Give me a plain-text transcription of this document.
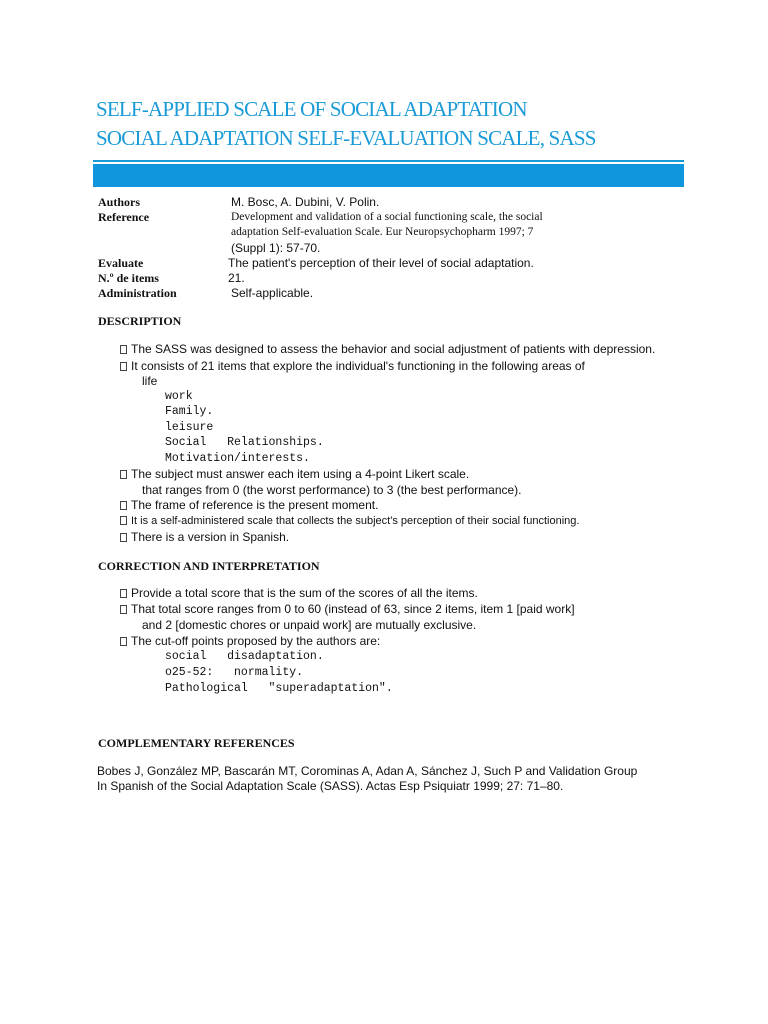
SELF-APPLIED SCALE OF SOCIAL ADAPTATION
SOCIAL ADAPTATION SELF-EVALUATION SCALE, SASS
Authors	M. Bosc, A. Dubini, V. Polin.
Reference	Development and validation of a social functioning scale, the social
adaptation Self-evaluation Scale. Eur Neuropsychopharm 1997; 7
(Suppl 1): 57-70.
Evaluate	The patient's perception of their level of social adaptation.
N.º de items	21.
Administration	Self-applicable.
DESCRIPTION
The SASS was designed to assess the behavior and social adjustment of patients with depression.
It consists of 21 items that explore the individual's functioning in the following areas of
life
work
Family.
leisure
Social   Relationships.
Motivation/interests.
The subject must answer each item using a 4-point Likert scale.
that ranges from 0 (the worst performance) to 3 (the best performance).
The frame of reference is the present moment.
It is a self-administered scale that collects the subject's perception of their social functioning.
There is a version in Spanish.
CORRECTION AND INTERPRETATION
Provide a total score that is the sum of the scores of all the items.
That total score ranges from 0 to 60 (instead of 63, since 2 items, item 1 [paid work]
and 2 [domestic chores or unpaid work] are mutually exclusive.
The cut-off points proposed by the authors are:
social   disadaptation.
o25-52:   normality.
Pathological   "superadaptation".
COMPLEMENTARY REFERENCES
Bobes J, González MP, Bascarán MT, Corominas A, Adan A, Sánchez J, Such P and Validation Group
In Spanish of the Social Adaptation Scale (SASS). Actas Esp Psiquiatr 1999; 27: 71–80.
